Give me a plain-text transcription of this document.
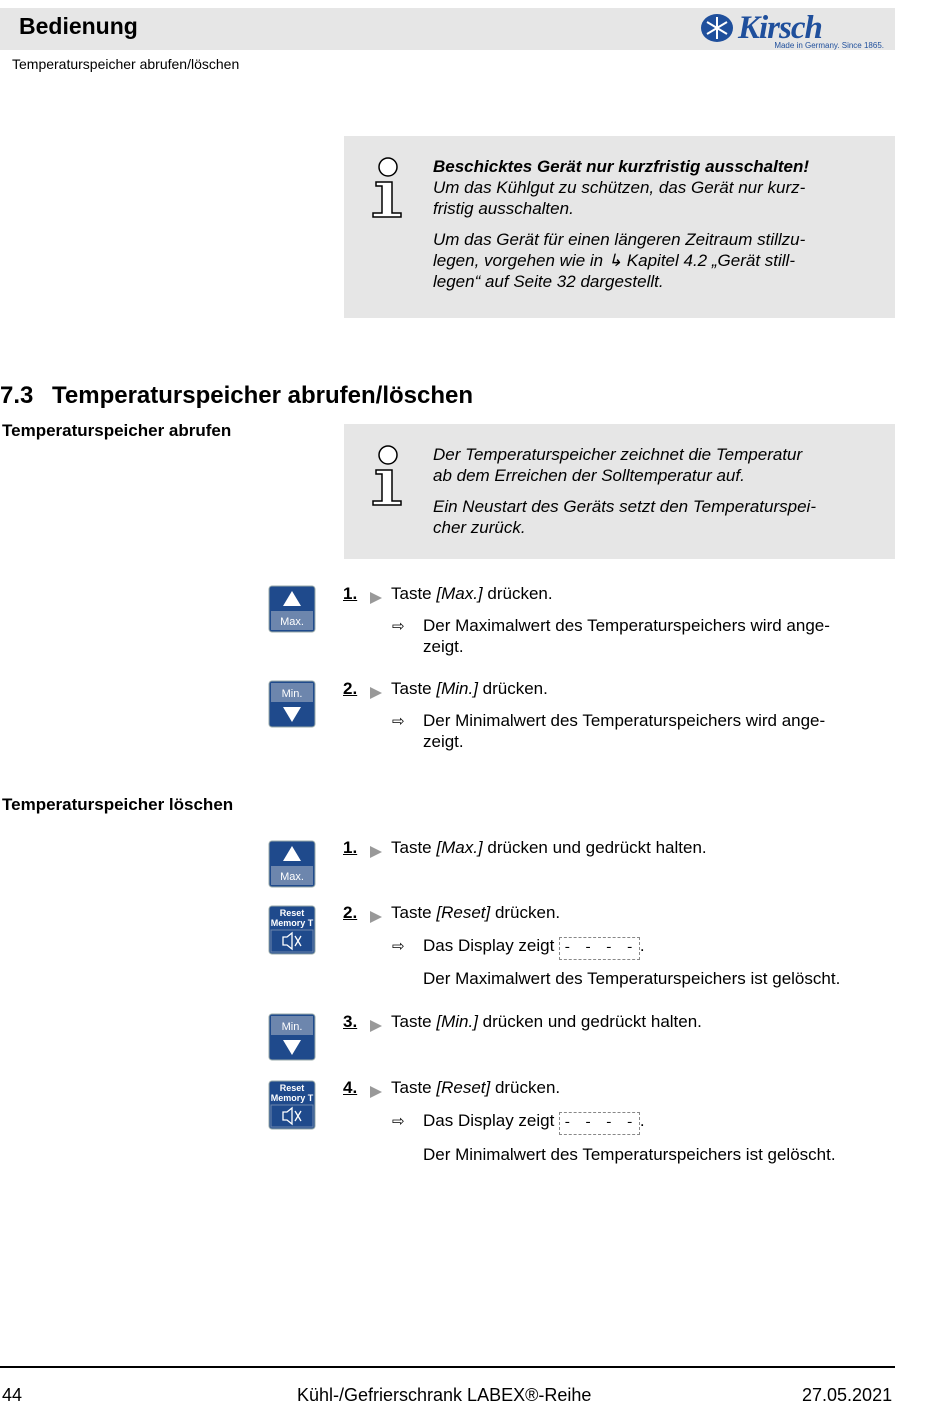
Bedienung
Temperaturspeicher abrufen/löschen
Kirsch
Made in Germany. Since 1865.

Beschicktes Gerät nur kurzfristig ausschalten!
Um das Kühlgut zu schützen, das Gerät nur kurz-
fristig ausschalten.

Um das Gerät für einen längeren Zeitraum stillzu-
legen, vorgehen wie in ↳ Kapitel 4.2 „Gerät still-
legen“ auf Seite 32 dargestellt.

7.3 Temperaturspeicher abrufen/löschen
Temperaturspeicher abrufen

Der Temperaturspeicher zeichnet die Temperatur
ab dem Erreichen der Solltemperatur auf.

Ein Neustart des Geräts setzt den Temperaturspei-
cher zurück.

Max.
1. Taste [Max.] drücken.
⇨ Der Maximalwert des Temperaturspeichers wird ange-
zeigt.
Min. 2. Taste [Min.] drücken.
⇨ Der Minimalwert des Temperaturspeichers wird ange-
zeigt.
Temperaturspeicher löschen
Max.
1. Taste [Max.] drücken und gedrückt halten.
Reset
Memory T
2. Taste [Reset] drücken.
⇨ Das Display zeigt - - - - .
Der Maximalwert des Temperaturspeichers ist gelöscht.
Min. 3. Taste [Min.] drücken und gedrückt halten.
Reset
Memory T
4. Taste [Reset] drücken.
⇨ Das Display zeigt - - - - .
Der Minimalwert des Temperaturspeichers ist gelöscht.
44	Kühl-/Gefrierschrank LABEX®-Reihe	27.05.2021
